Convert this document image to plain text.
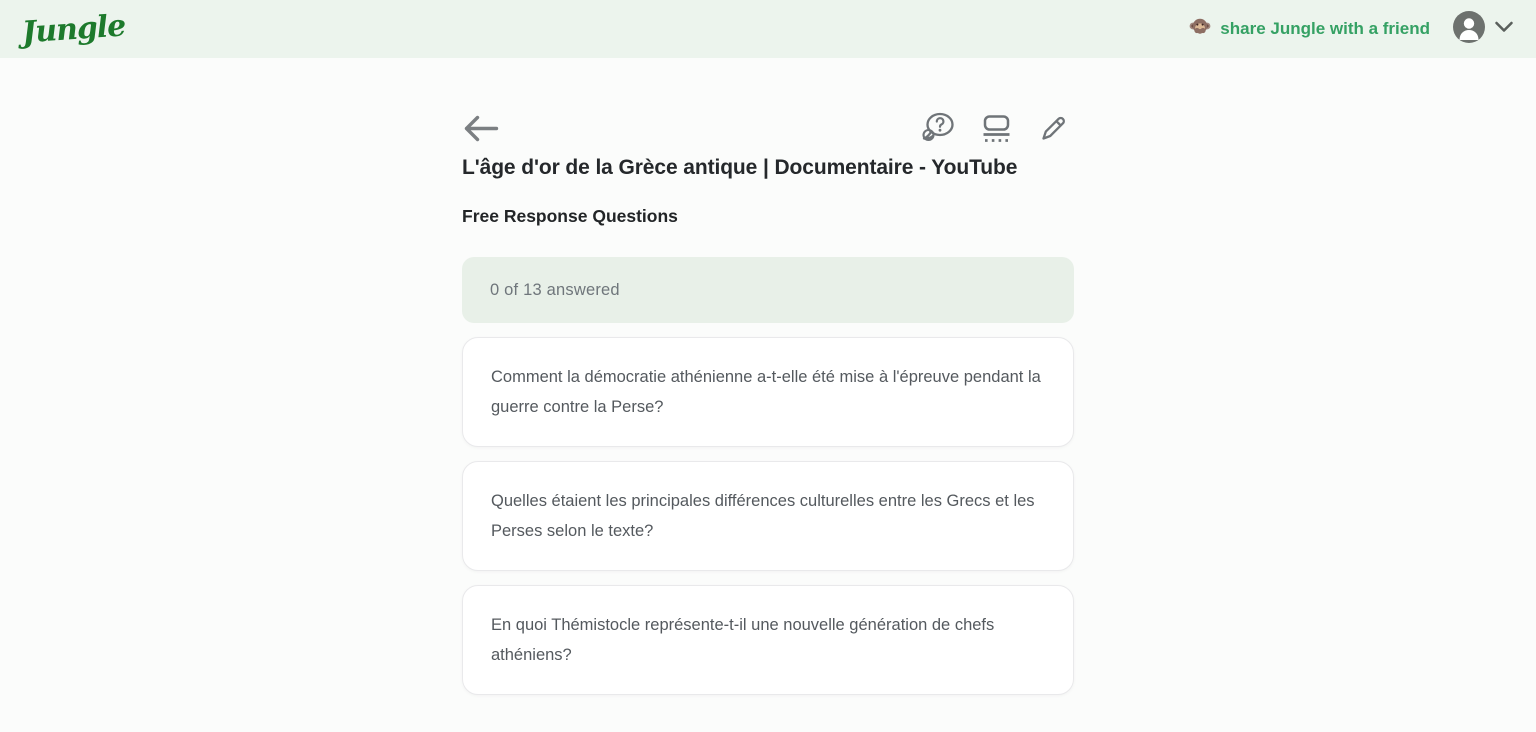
Jungle	share Jungle with a friend
L'âge d'or de la Grèce antique | Documentaire - YouTube
Free Response Questions
0 of 13 answered
Comment la démocratie athénienne a-t-elle été mise à l'épreuve pendant la guerre contre la Perse?
Quelles étaient les principales différences culturelles entre les Grecs et les Perses selon le texte?
En quoi Thémistocle représente-t-il une nouvelle génération de chefs athéniens?
